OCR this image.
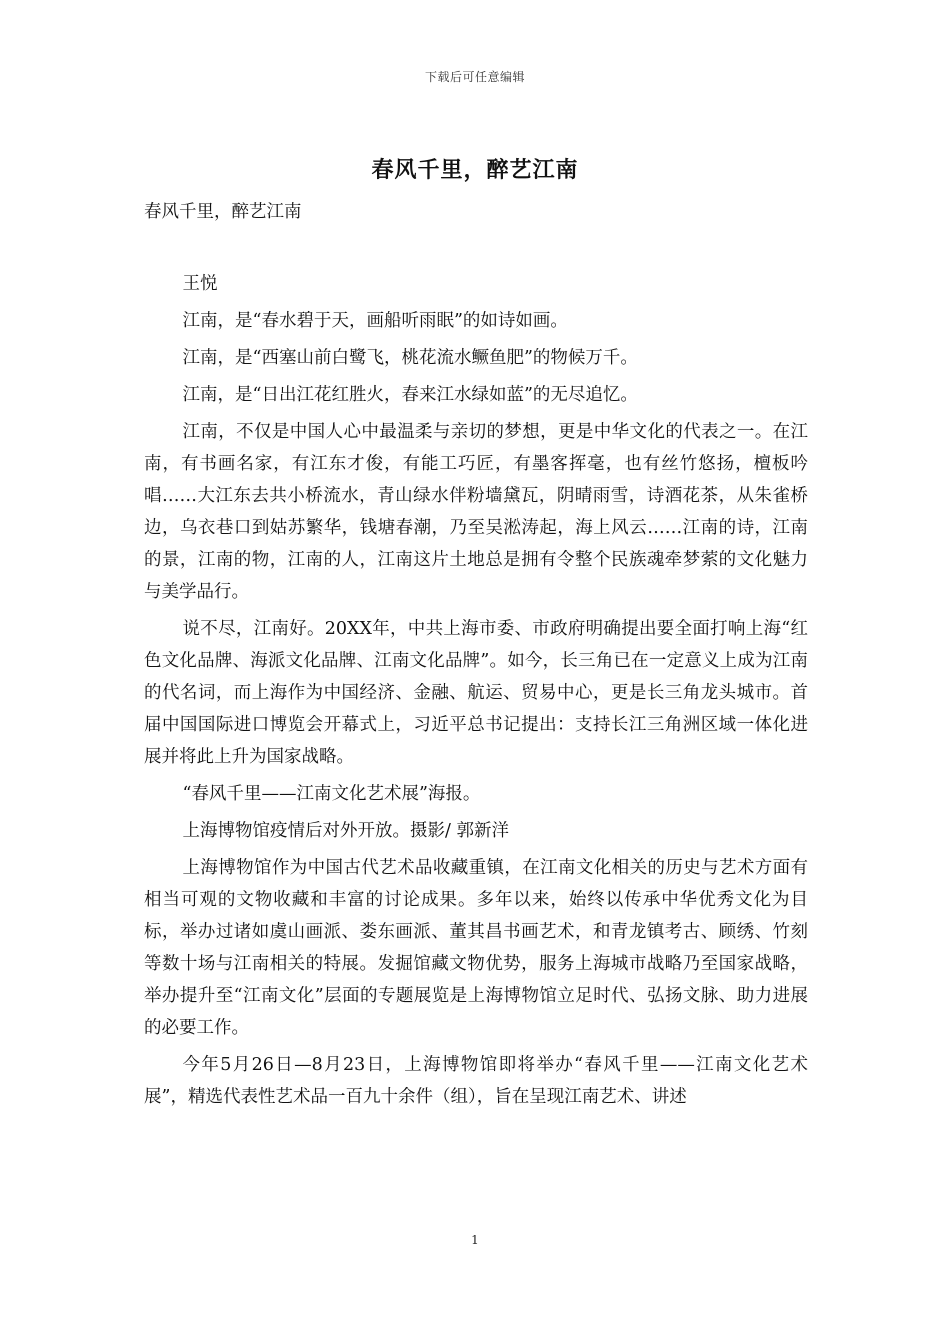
下载后可任意编辑
春风千里，醉艺江南

春风千里，醉艺江南

王悦

江南，是“春水碧于天，画船听雨眠”的如诗如画。

江南，是“西塞山前白鹭飞，桃花流水鳜鱼肥”的物候万千。

江南，是“日出江花红胜火，春来江水绿如蓝”的无尽追忆。

江南，不仅是中国人心中最温柔与亲切的梦想，更是中华文化的代表之一。在江南，有书画名家，有江东才俊，有能工巧匠，有墨客挥毫，也有丝竹悠扬，檀板吟唱……大江东去共小桥流水，青山绿水伴粉墙黛瓦，阴晴雨雪，诗酒花茶，从朱雀桥边，乌衣巷口到姑苏繁华，钱塘春潮，乃至吴淞涛起，海上风云……江南的诗，江南的景，江南的物，江南的人，江南这片土地总是拥有令整个民族魂牵梦萦的文化魅力与美学品行。

说不尽，江南好。20XX年，中共上海市委、市政府明确提出要全面打响上海“红色文化品牌、海派文化品牌、江南文化品牌”。如今，长三角已在一定意义上成为江南的代名词，而上海作为中国经济、金融、航运、贸易中心，更是长三角龙头城市。首届中国国际进口博览会开幕式上，习近平总书记提出：支持长江三角洲区域一体化进展并将此上升为国家战略。

“春风千里——江南文化艺术展”海报。

上海博物馆疫情后对外开放。摄影/ 郭新洋

上海博物馆作为中国古代艺术品收藏重镇，在江南文化相关的历史与艺术方面有相当可观的文物收藏和丰富的讨论成果。多年以来，始终以传承中华优秀文化为目标，举办过诸如虞山画派、娄东画派、董其昌书画艺术，和青龙镇考古、顾绣、竹刻等数十场与江南相关的特展。发掘馆藏文物优势，服务上海城市战略乃至国家战略，举办提升至“江南文化”层面的专题展览是上海博物馆立足时代、弘扬文脉、助力进展的必要工作。

今年5月26日—8月23日，上海博物馆即将举办“春风千里——江南文化艺术展”，精选代表性艺术品一百九十余件（组），旨在呈现江南艺术、讲述

1
